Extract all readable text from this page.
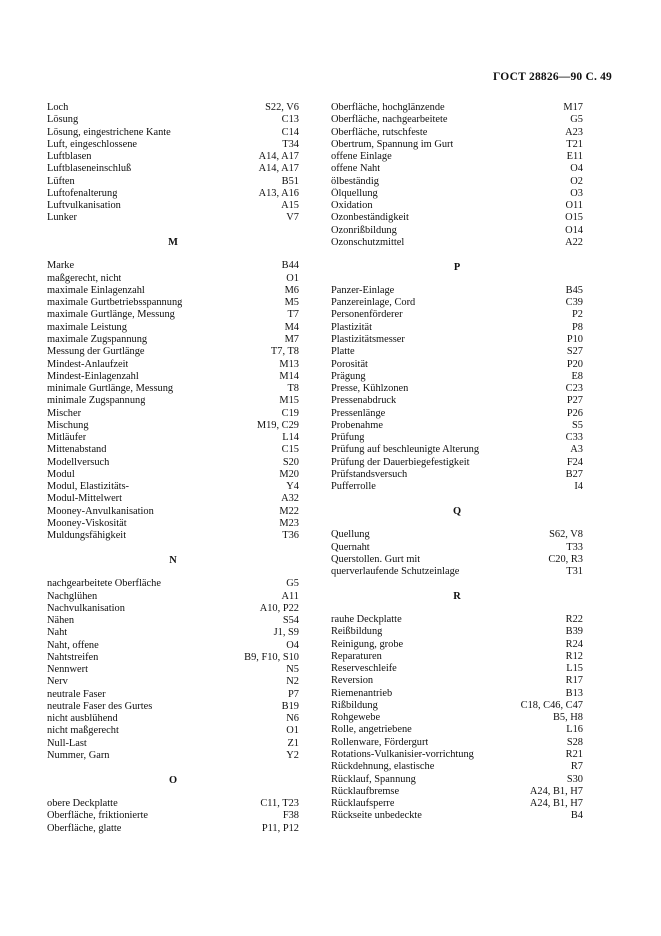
ГОСТ 28826—90 С. 49
Loch	S22, V6
Lösung	C13
Lösung, eingestrichene Kante	C14
Luft, eingeschlossene	T34
Luftblasen	A14, A17
Luftblaseneinschluß	A14, A17
Lüften	B51
Luftofenalterung	A13, A16
Luftvulkanisation	A15
Lunker	V7
M
Marke	B44
maßgerecht, nicht	O1
maximale Einlagenzahl	M6
maximale Gurtbetriebsspannung	M5
maximale Gurtlänge, Messung	T7
maximale Leistung	M4
maximale Zugspannung	M7
Messung der Gurtlänge	T7, T8
Mindest-Anlaufzeit	M13
Mindest-Einlagenzahl	M14
minimale Gurtlänge, Messung	T8
minimale Zugspannung	M15
Mischer	C19
Mischung	M19, C29
Mitläufer	L14
Mittenabstand	C15
Modellversuch	S20
Modul	M20
Modul, Elastizitäts-	Y4
Modul-Mittelwert	A32
Mooney-Anvulkanisation	M22
Mooney-Viskosität	M23
Muldungsfähigkeit	T36
N
nachgearbeitete Oberfläche	G5
Nachglühen	A11
Nachvulkanisation	A10, P22
Nähen	S54
Naht	J1, S9
Naht, offene	O4
Nahtstreifen	B9, F10, S10
Nennwert	N5
Nerv	N2
neutrale Faser	P7
neutrale Faser des Gurtes	B19
nicht ausblühend	N6
nicht maßgerecht	O1
Null-Last	Z1
Nummer, Garn	Y2
O
obere Deckplatte	C11, T23
Oberfläche, friktionierte	F38
Oberfläche, glatte	P11, P12
Oberfläche, hochglänzende	M17
Oberfläche, nachgearbeitete	G5
Oberfläche, rutschfeste	A23
Obertrum, Spannung im Gurt	T21
offene Einlage	E11
offene Naht	O4
ölbeständig	O2
Ölquellung	O3
Oxidation	O11
Ozonbeständigkeit	O15
Ozonrißbildung	O14
Ozonschutzmittel	A22
P
Panzer-Einlage	B45
Panzereinlage, Cord	C39
Personenförderer	P2
Plastizität	P8
Plastizitätsmesser	P10
Platte	S27
Porosität	P20
Prägung	E8
Presse, Kühlzonen	C23
Pressenabdruck	P27
Pressenlänge	P26
Probenahme	S5
Prüfung	C33
Prüfung auf beschleunigte Alterung	A3
Prüfung der Dauerbiegefestigkeit	F24
Prüfstandsversuch	B27
Pufferrolle	I4
Q
Quellung	S62, V8
Quernaht	T33
Querstollen. Gurt mit	C20, R3
querverlaufende Schutzeinlage	T31
R
rauhe Deckplatte	R22
Reißbildung	B39
Reinigung, grobe	R24
Reparaturen	R12
Reserveschleife	L15
Reversion	R17
Riemenantrieb	B13
Rißbildung	C18, C46, C47
Rohgewebe	B5, H8
Rolle, angetriebene	L16
Rollenware, Fördergurt	S28
Rotations-Vulkanisier-vorrichtung	R21
Rückdehnung, elastische	R7
Rücklauf, Spannung	S30
Rücklaufbremse	A24, B1, H7
Rücklaufsperre	A24, B1, H7
Rückseite unbedeckte	B4
